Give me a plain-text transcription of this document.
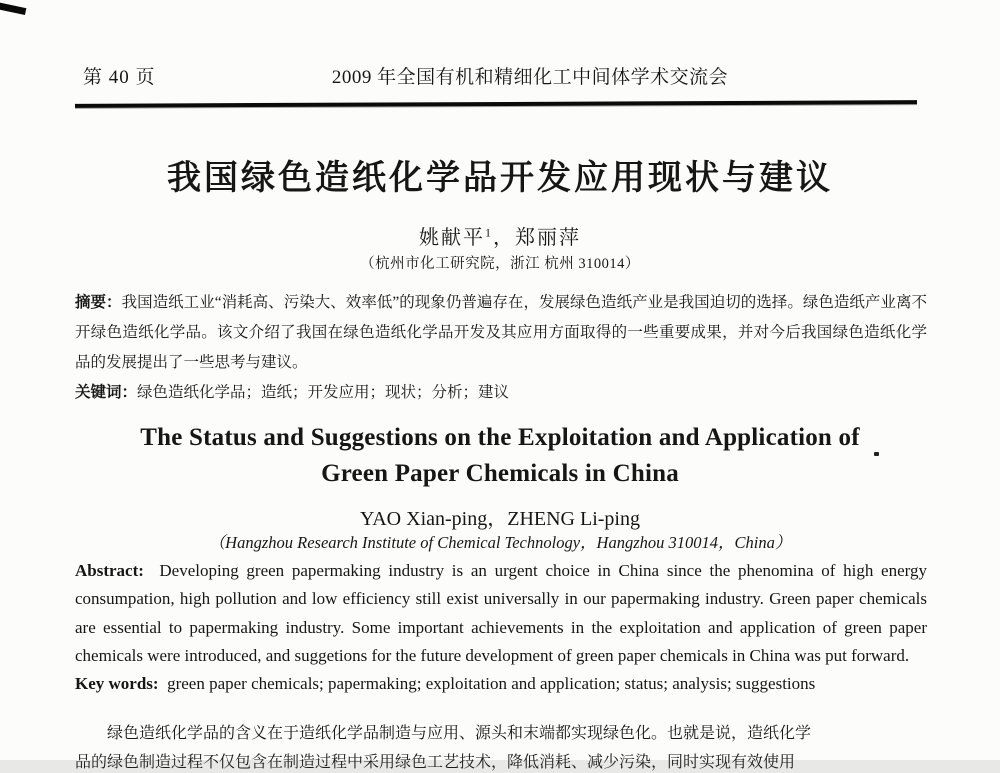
第 40 页	2009 年全国有机和精细化工中间体学术交流会
我国绿色造纸化学品开发应用现状与建议
姚献平$^1$，郑丽萍
（杭州市化工研究院，浙江 杭州 310014）

摘要：我国造纸工业“消耗高、污染大、效率低”的现象仍普遍存在，发展绿色造纸产业是我国迫切的选择。绿色造纸产业离不开绿色造纸化学品。该文介绍了我国在绿色造纸化学品开发及其应用方面取得的一些重要成果，并对今后我国绿色造纸化学品的发展提出了一些思考与建议。

关键词：绿色造纸化学品；造纸；开发应用；现状；分析；建议

The Status and Suggestions on the Exploitation and Application of
Green Paper Chemicals in China
YAO Xian-ping，ZHENG Li-ping
（Hangzhou Research Institute of Chemical Technology，Hangzhou 310014，China）

Abstract: Developing green papermaking industry is an urgent choice in China since the phenomina of high energy consumpation, high pollution and low efficiency still exist universally in our papermaking industry. Green paper chemicals are essential to papermaking industry. Some important achievements in the exploitation and application of green paper chemicals were introduced, and suggetions for the future development of green paper chemicals in China was put forward.

Key words: green paper chemicals; papermaking; exploitation and application; status; analysis; suggestions

绿色造纸化学品的含义在于造纸化学品制造与应用、源头和末端都实现绿色化。也就是说，造纸化学

品的绿色制造过程不仅包含在制造过程中采用绿色工艺技术，降低消耗、减少污染，同时实现有效使用
